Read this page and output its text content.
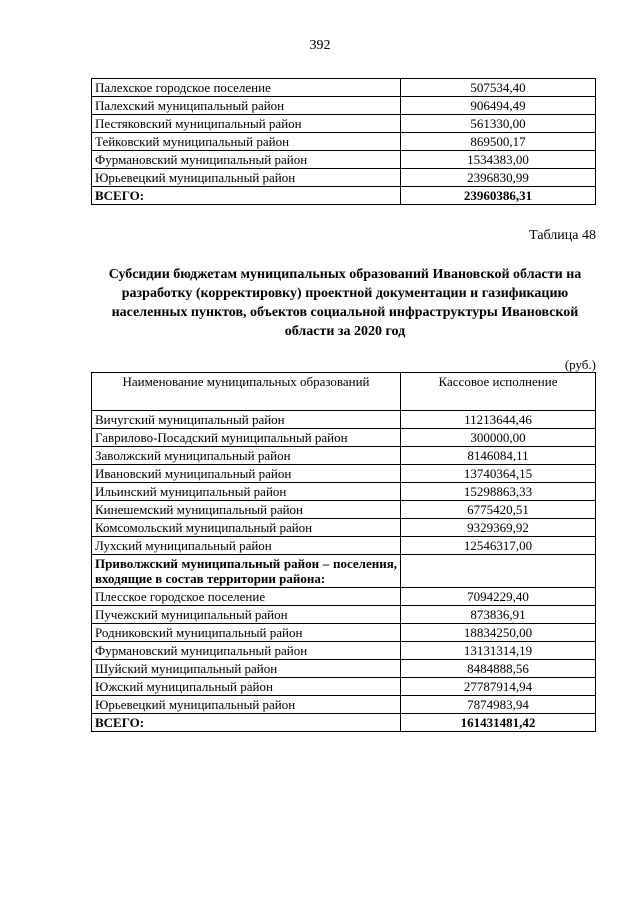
392
Палехское городское поселение	507534,40
Палехский муниципальный район	906494,49
Пестяковский муниципальный район	561330,00
Тейковский муниципальный район	869500,17
Фурмановский муниципальный район	1534383,00
Юрьевецкий муниципальный район	2396830,99
ВСЕГО:	23960386,31
Таблица 48
Субсидии бюджетам муниципальных образований Ивановской области на разработку (корректировку) проектной документации и газификацию населенных пунктов, объектов социальной инфраструктуры Ивановской области за 2020 год
(руб.)
Наименование муниципальных образований	Кассовое исполнение
Вичугский муниципальный район	11213644,46
Гаврилово-Посадский муниципальный район	300000,00
Заволжский муниципальный район	8146084,11
Ивановский муниципальный район	13740364,15
Ильинский муниципальный район	15298863,33
Кинешемский муниципальный район	6775420,51
Комсомольский муниципальный район	9329369,92
Лухский муниципальный район	12546317,00
Приволжский муниципальный район – поселения, входящие в состав территории района:	
Плесское городское поселение	7094229,40
Пучежский муниципальный район	873836,91
Родниковский муниципальный район	18834250,00
Фурмановский муниципальный район	13131314,19
Шуйский муниципальный район	8484888,56
Южский муниципальный район	27787914,94
Юрьевецкий муниципальный район	7874983,94
ВСЕГО:	161431481,42
